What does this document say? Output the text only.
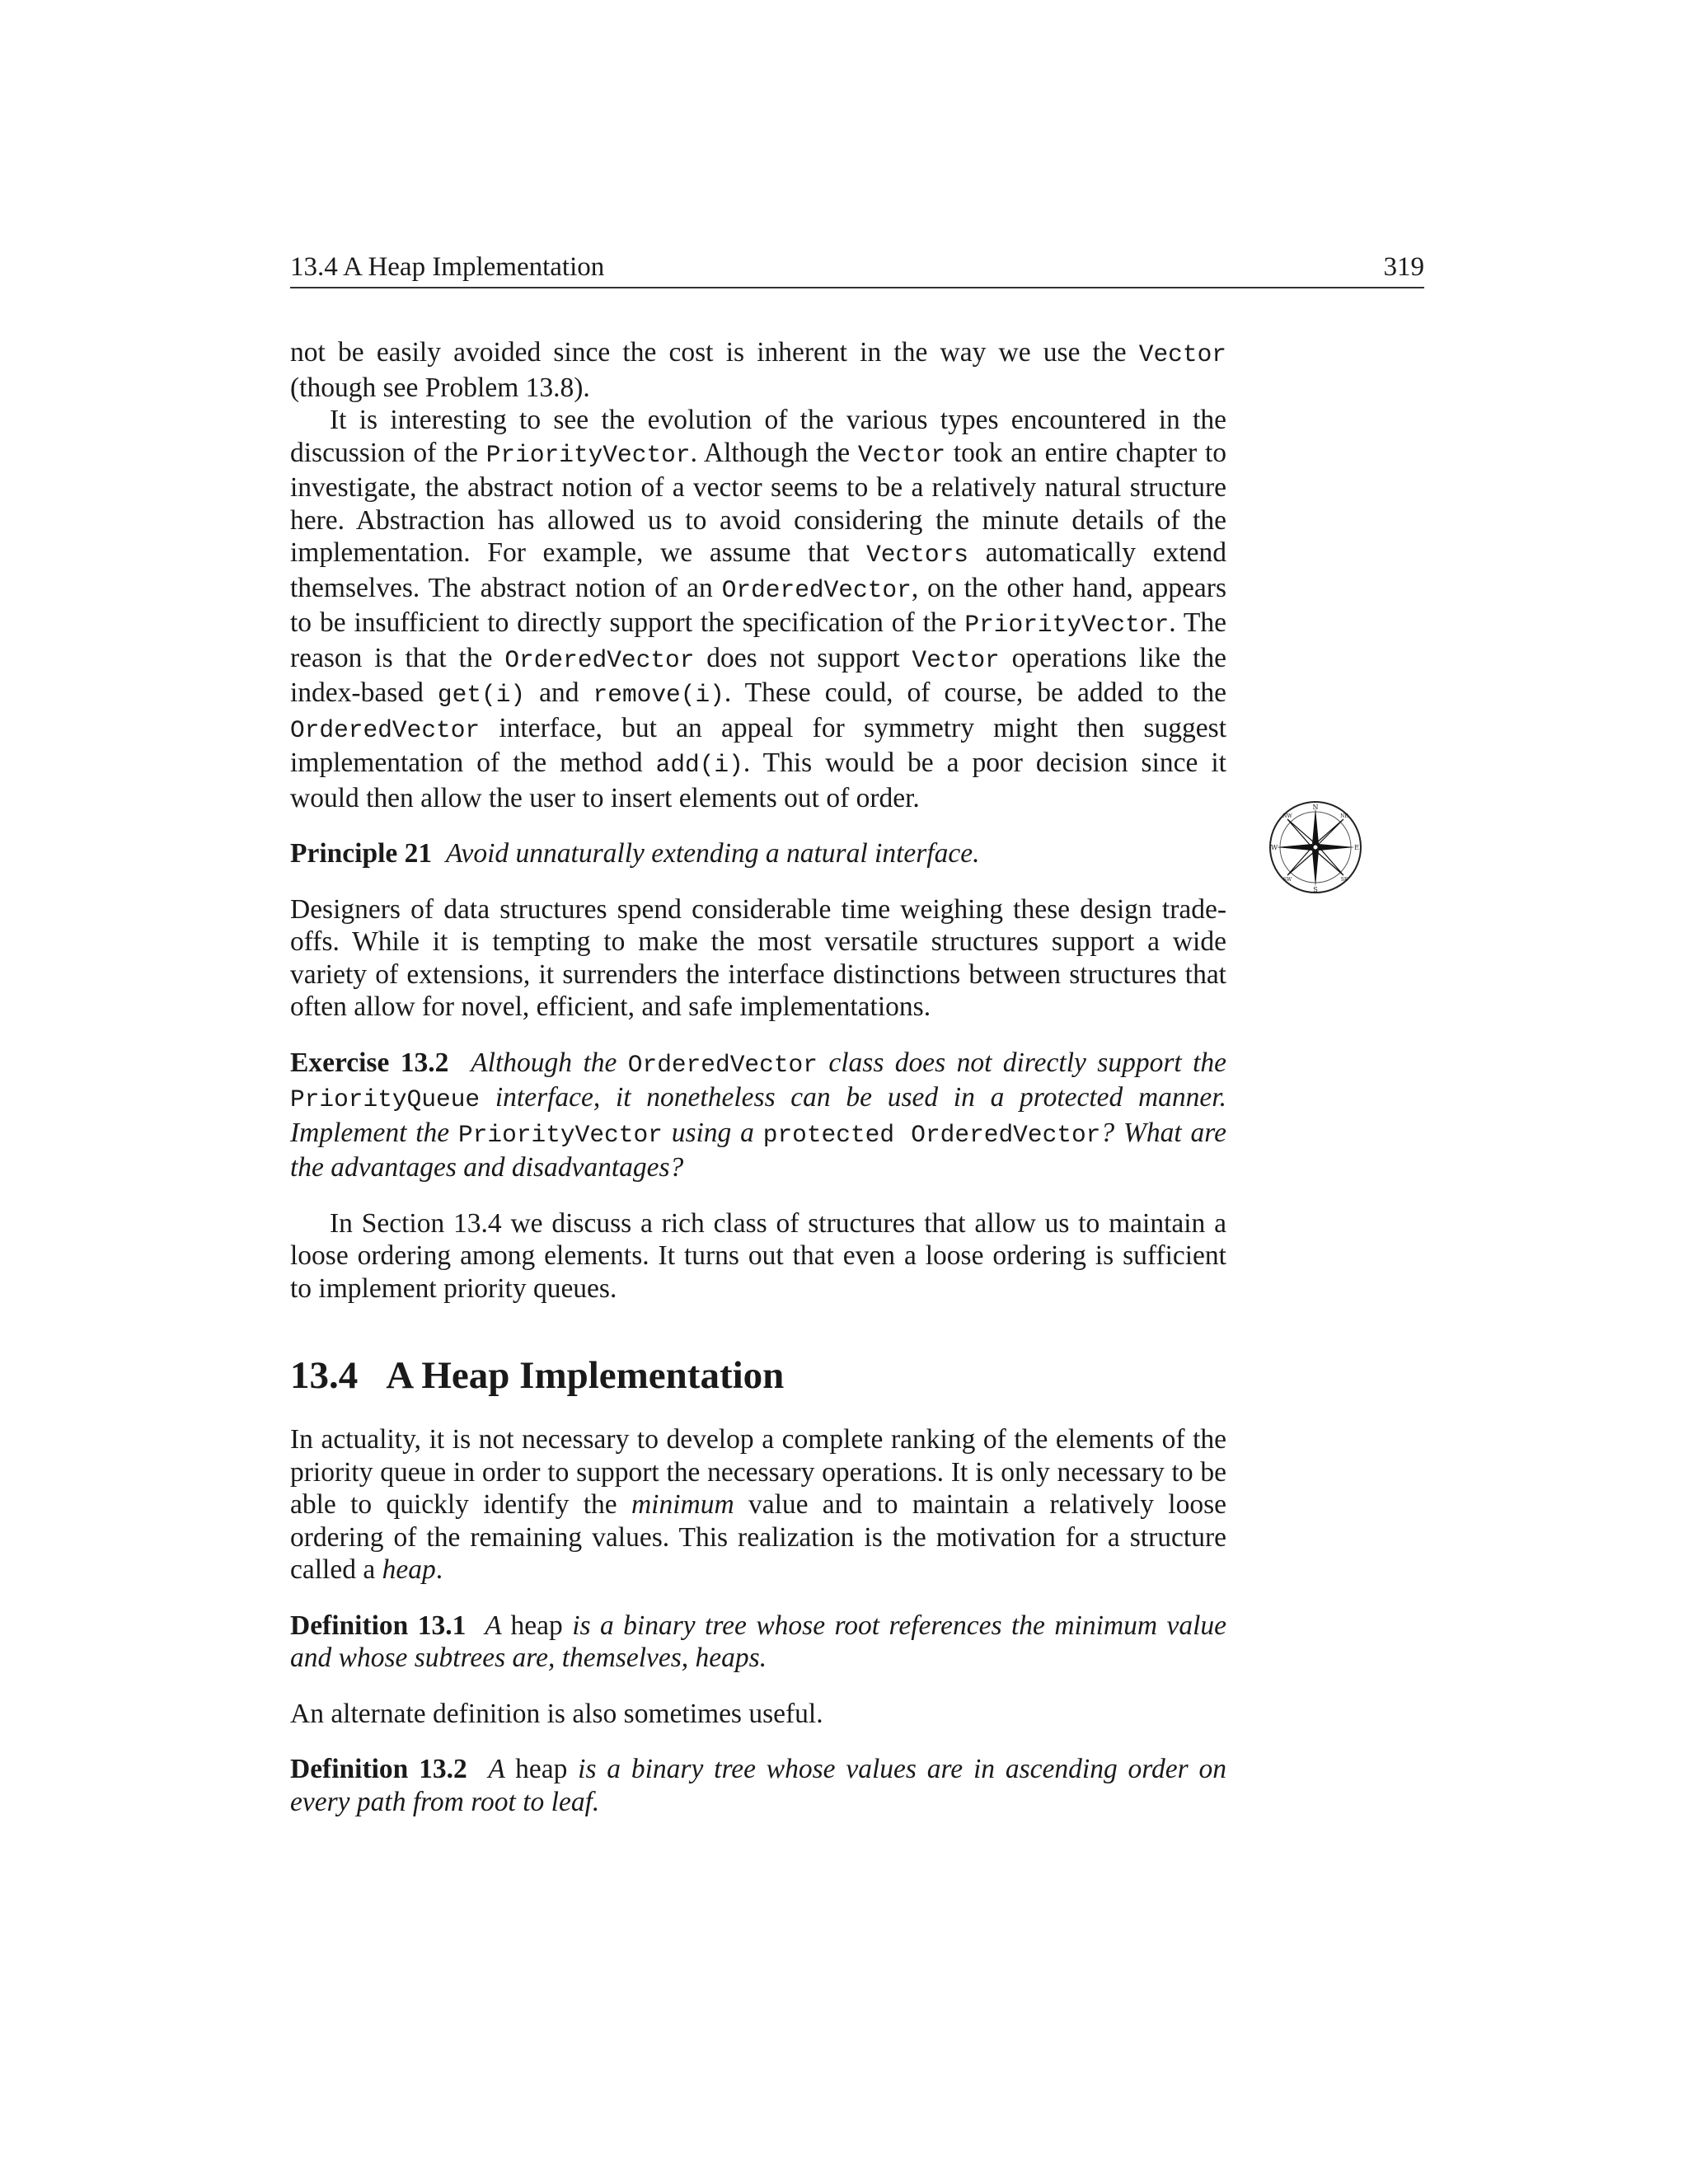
13.4 A Heap Implementation	319

not be easily avoided since the cost is inherent in the way we use the Vector (though see Problem 13.8).

It is interesting to see the evolution of the various types encountered in the discussion of the PriorityVector. Although the Vector took an entire chapter to investigate, the abstract notion of a vector seems to be a relatively natural structure here. Abstraction has allowed us to avoid considering the minute details of the implementation. For example, we assume that Vectors automatically extend themselves. The abstract notion of an OrderedVector, on the other hand, appears to be insufficient to directly support the specification of the PriorityVector. The reason is that the OrderedVector does not support Vector operations like the index-based get(i) and remove(i). These could, of course, be added to the OrderedVector interface, but an appeal for symmetry might then suggest implementation of the method add(i). This would be a poor decision since it would then allow the user to insert elements out of order.

Principle 21 Avoid unnaturally extending a natural interface.

Designers of data structures spend considerable time weighing these design trade-offs. While it is tempting to make the most versatile structures support a wide variety of extensions, it surrenders the interface distinctions between structures that often allow for novel, efficient, and safe implementations.

Exercise 13.2 Although the OrderedVector class does not directly support the PriorityQueue interface, it nonetheless can be used in a protected manner. Implement the PriorityVector using a protected OrderedVector? What are the advantages and disadvantages?

In Section 13.4 we discuss a rich class of structures that allow us to maintain a loose ordering among elements. It turns out that even a loose ordering is sufficient to implement priority queues.

13.4 A Heap Implementation

In actuality, it is not necessary to develop a complete ranking of the elements of the priority queue in order to support the necessary operations. It is only necessary to be able to quickly identify the minimum value and to maintain a relatively loose ordering of the remaining values. This realization is the motivation for a structure called a heap.

Definition 13.1 A heap is a binary tree whose root references the minimum value and whose subtrees are, themselves, heaps.

An alternate definition is also sometimes useful.

Definition 13.2 A heap is a binary tree whose values are in ascending order on every path from root to leaf.

N
S
W	E
NW	NE
SW	SE
